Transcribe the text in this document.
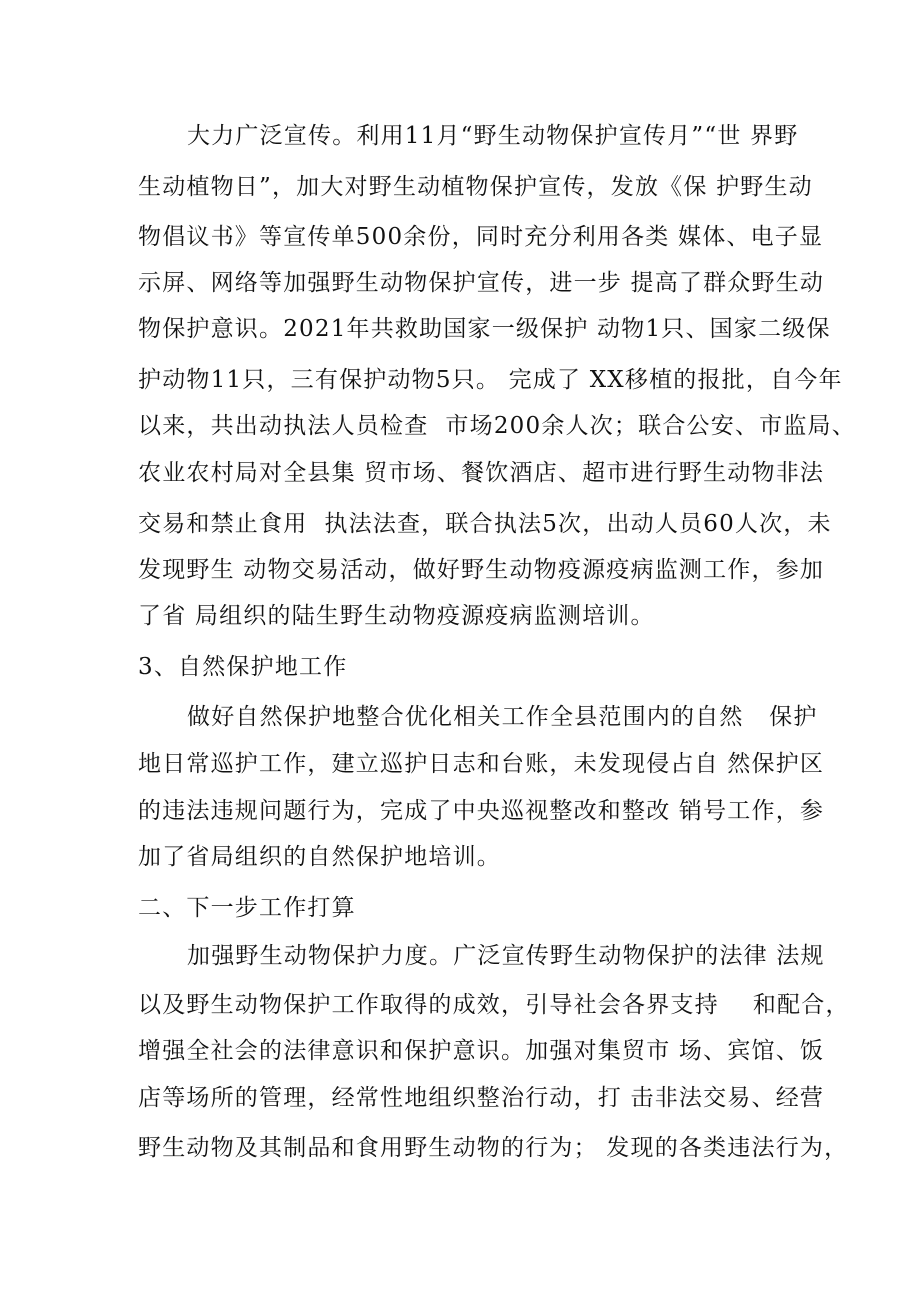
大力广泛宣传。利用11月“野生动物保护宣传月”“世 界野
生动植物日”，加大对野生动植物保护宣传，发放《保 护野生动
物倡议书》等宣传单500余份，同时充分利用各类 媒体、电子显
示屏、网络等加强野生动物保护宣传，进一步 提高了群众野生动
物保护意识。2021年共救助国家一级保护 动物1只、国家二级保
护动物11只，三有保护动物5只。 完成了 XX移植的报批，自今年
以来，共出动执法人员检查  市场200余人次；联合公安、市监局、
农业农村局对全县集 贸市场、餐饮酒店、超市进行野生动物非法
交易和禁止食用  执法法查，联合执法5次，出动人员60人次，未
发现野生 动物交易活动，做好野生动物疫源疫病监测工作，参加
了省 局组织的陆生野生动物疫源疫病监测培训。
3、自然保护地工作
做好自然保护地整合优化相关工作全县范围内的自然   保护
地日常巡护工作，建立巡护日志和台账，未发现侵占自 然保护区
的违法违规问题行为，完成了中央巡视整改和整改 销号工作，参
加了省局组织的自然保护地培训。
二、下一步工作打算
加强野生动物保护力度。广泛宣传野生动物保护的法律 法规
以及野生动物保护工作取得的成效，引导社会各界支持    和配合，
增强全社会的法律意识和保护意识。加强对集贸市 场、宾馆、饭
店等场所的管理，经常性地组织整治行动，打 击非法交易、经营
野生动物及其制品和食用野生动物的行为； 发现的各类违法行为，
